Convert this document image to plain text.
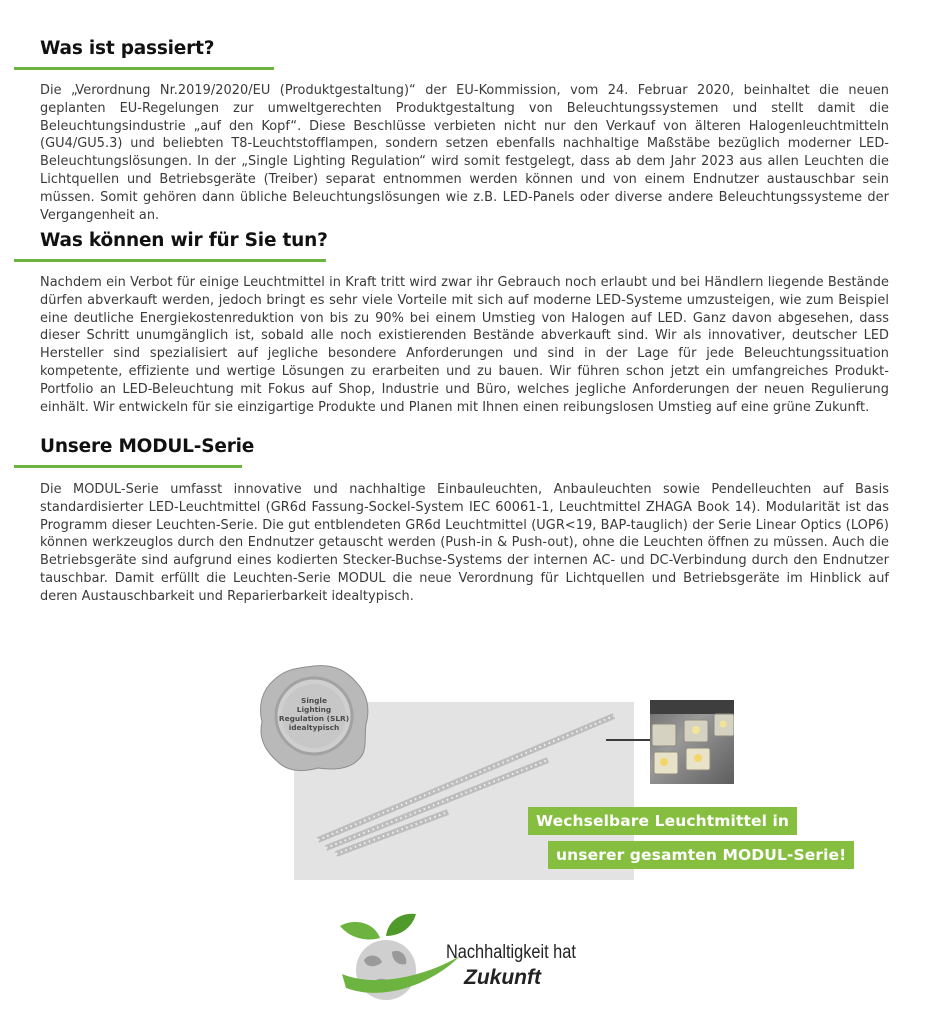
Was ist passiert?

Die „Verordnung Nr.2019/2020/EU (Produktgestaltung)“ der EU-Kommission, vom 24. Februar 2020, beinhaltet die neuen geplanten EU-Regelungen zur umweltgerechten Produktgestaltung von Beleuchtungssystemen und stellt damit die Beleuchtungsindustrie „auf den Kopf“. Diese Beschlüsse verbieten nicht nur den Verkauf von älteren Halogenleuchtmitteln (GU4/GU5.3) und beliebten T8-Leuchtstofflampen, sondern setzen ebenfalls nachhaltige Maßstäbe bezüglich moderner LED-Beleuchtungslösungen. In der „Single Lighting Regulation“ wird somit festgelegt, dass ab dem Jahr 2023 aus allen Leuchten die Lichtquellen und Betriebsgeräte (Treiber) separat entnommen werden können und von einem Endnutzer austauschbar sein müssen. Somit gehören dann übliche Beleuchtungslösungen wie z.B. LED-Panels oder diverse andere Beleuchtungssysteme der Vergangenheit an.

Was können wir für Sie tun?

Nachdem ein Verbot für einige Leuchtmittel in Kraft tritt wird zwar ihr Gebrauch noch erlaubt und bei Händlern liegende Bestände dürfen abverkauft werden, jedoch bringt es sehr viele Vorteile mit sich auf moderne LED-Systeme umzusteigen, wie zum Beispiel eine deutliche Energiekostenreduktion von bis zu 90% bei einem Umstieg von Halogen auf LED. Ganz davon abgesehen, dass dieser Schritt unumgänglich ist, sobald alle noch existierenden Bestände abverkauft sind. Wir als innovativer, deutscher LED Hersteller sind spezialisiert auf jegliche besondere Anforderungen und sind in der Lage für jede Beleuchtungssituation kompetente, effiziente und wertige Lösungen zu erarbeiten und zu bauen. Wir führen schon jetzt ein umfangreiches Produkt-Portfolio an LED-Beleuchtung mit Fokus auf Shop, Industrie und Büro, welches jegliche Anforderungen der neuen Regulierung einhält. Wir entwickeln für sie einzigartige Produkte und Planen mit Ihnen einen reibungslosen Umstieg auf eine grüne Zukunft.

Unsere MODUL-Serie

Die MODUL-Serie umfasst innovative und nachhaltige Einbauleuchten, Anbauleuchten sowie Pendelleuchten auf Basis standardisierter LED-Leuchtmittel (GR6d Fassung-Sockel-System IEC 60061-1, Leuchtmittel ZHAGA Book 14). Modularität ist das Programm dieser Leuchten-Serie. Die gut entblendeten GR6d Leuchtmittel (UGR<19, BAP-tauglich) der Serie Linear Optics (LOP6) können werkzeuglos durch den Endnutzer getauscht werden (Push-in & Push-out), ohne die Leuchten öffnen zu müssen. Auch die Betriebsgeräte sind aufgrund eines kodierten Stecker-Buchse-Systems der internen AC- und DC-Verbindung durch den Endnutzer tauschbar. Damit erfüllt die Leuchten-Serie MODUL die neue Verordnung für Lichtquellen und Betriebsgeräte im Hinblick auf deren Austauschbarkeit und Reparierbarkeit idealtypisch.

Single
Lighting
Regulation (SLR)
idealtypisch
Wechselbare Leuchtmittel in
unserer gesamten MODUL-Serie!
Nachhaltigkeit hat
Zukunft
